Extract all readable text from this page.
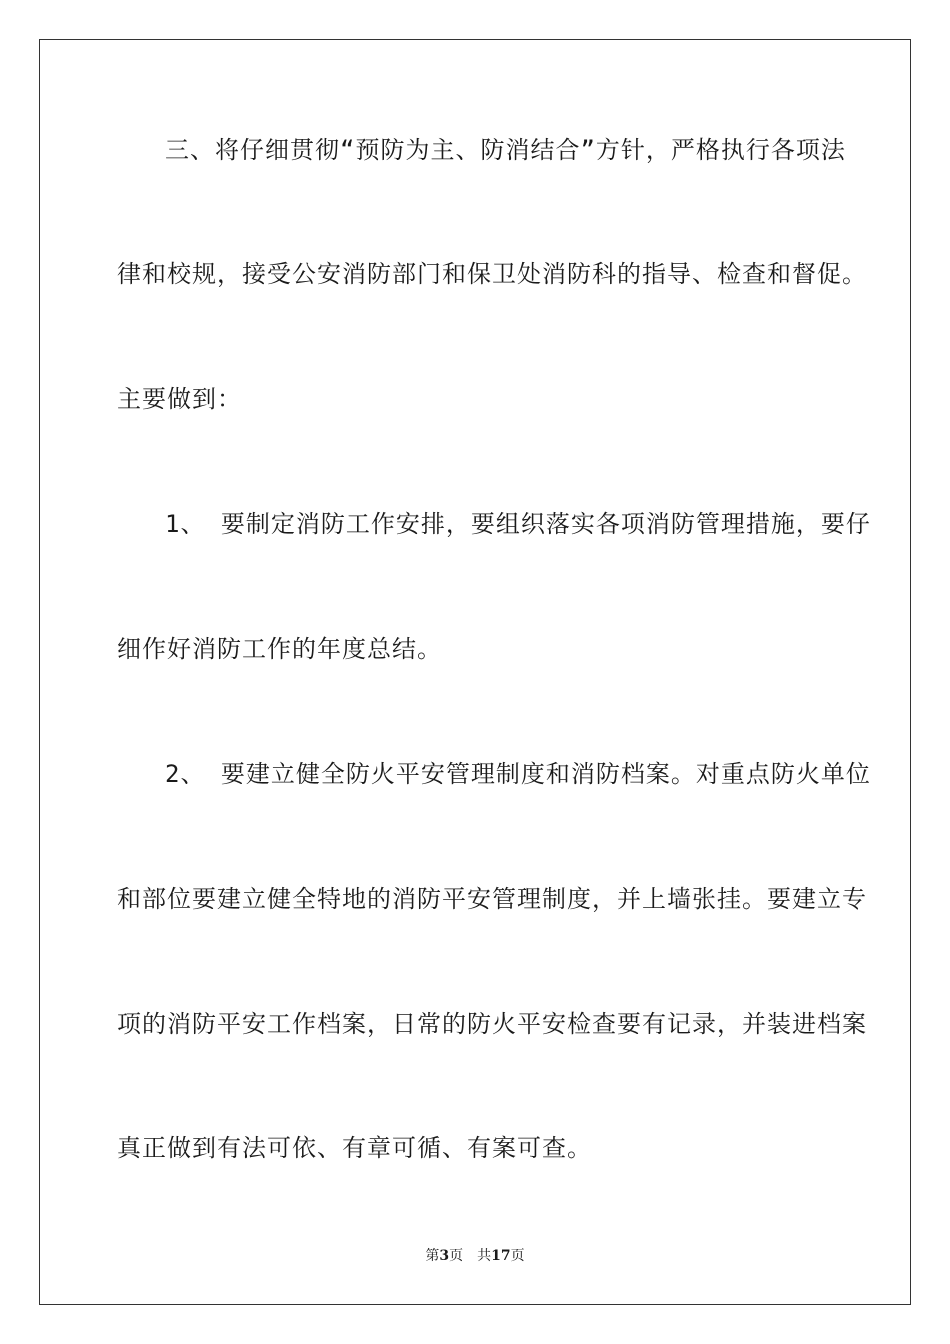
三、将仔细贯彻“预防为主、防消结合”方针，严格执行各项法
律和校规，接受公安消防部门和保卫处消防科的指导、检查和督促。
主要做到：
1、 要制定消防工作安排，要组织落实各项消防管理措施，要仔
细作好消防工作的年度总结。
2、 要建立健全防火平安管理制度和消防档案。对重点防火单位
和部位要建立健全特地的消防平安管理制度，并上墙张挂。要建立专
项的消防平安工作档案，日常的防火平安检查要有记录，并装进档案
真正做到有法可依、有章可循、有案可查。
第3页 共17页
